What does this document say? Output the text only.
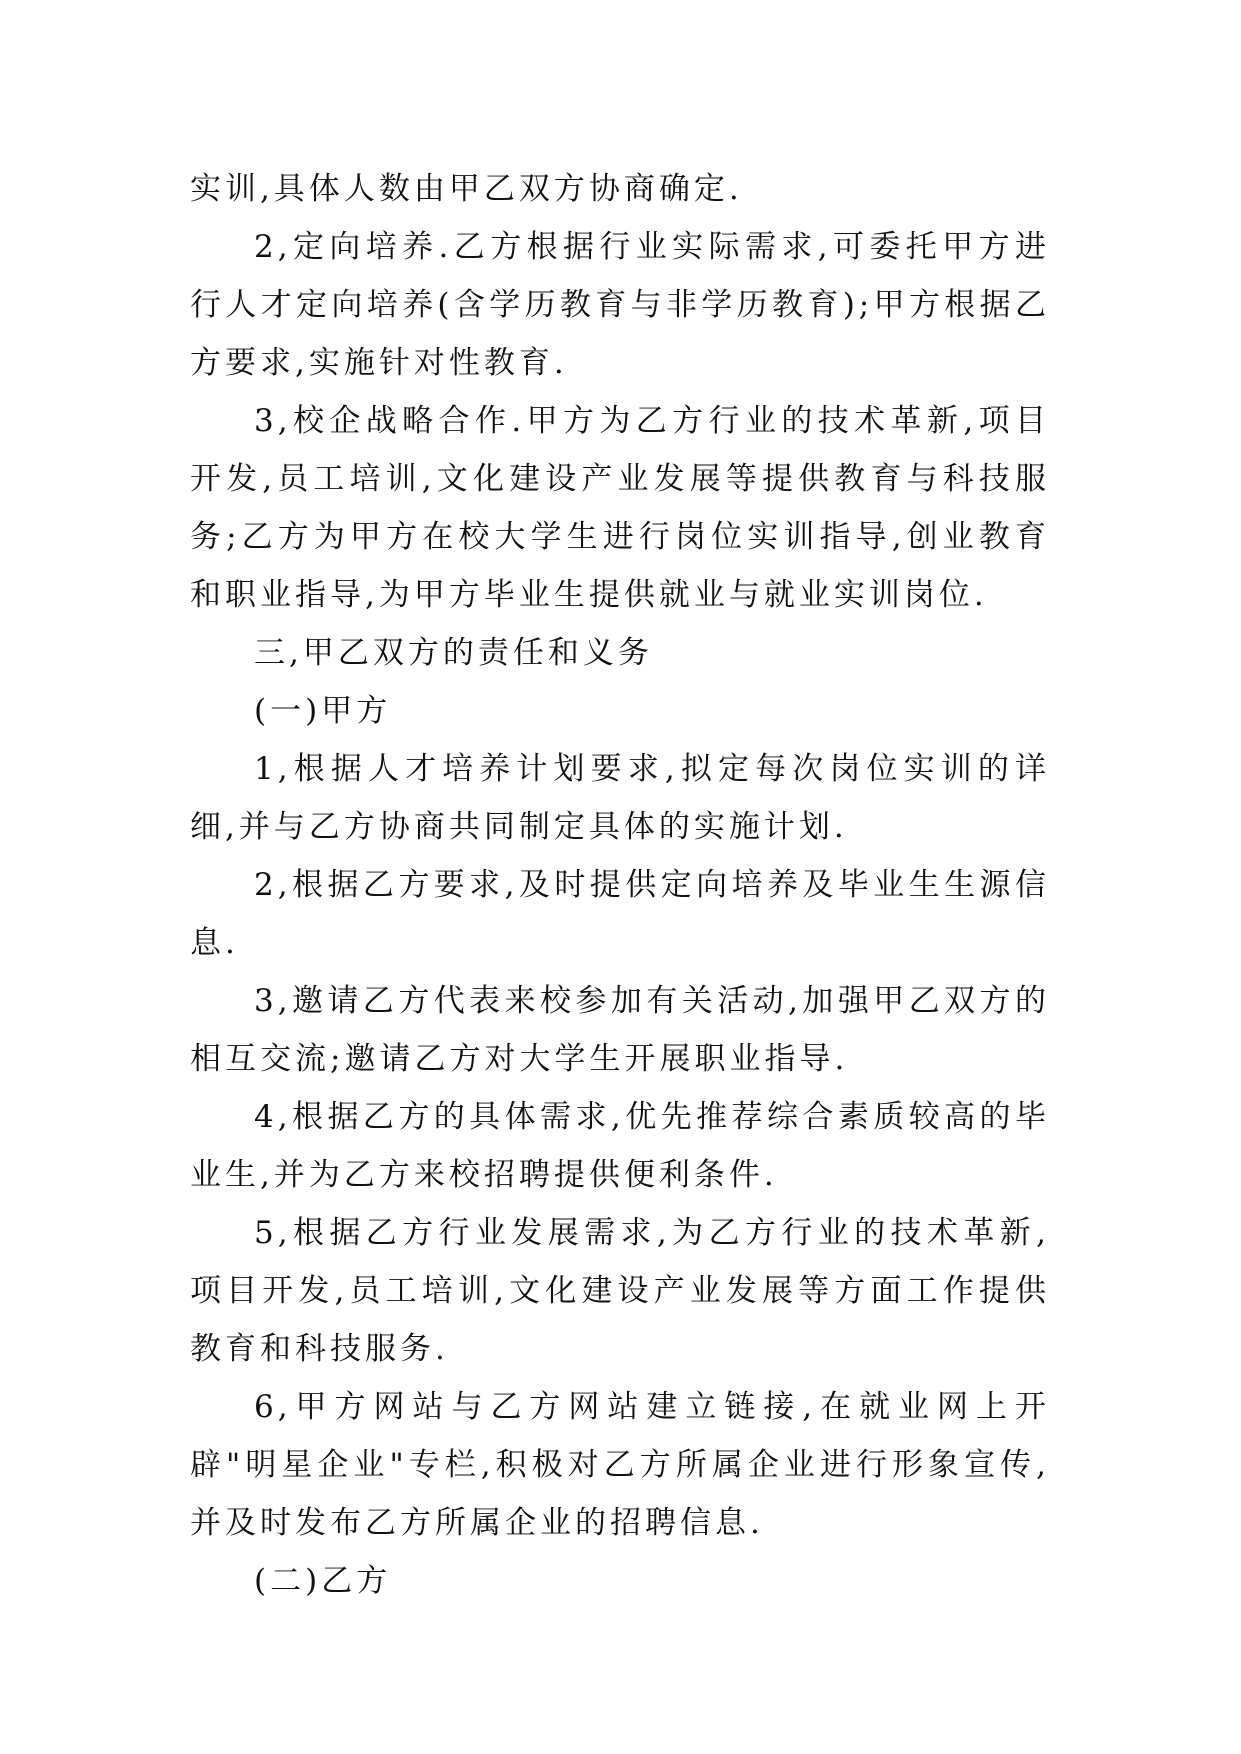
实训,具体人数由甲乙双方协商确定.

2,定向培养.乙方根据行业实际需求,可委托甲方进行人才定向培养(含学历教育与非学历教育);甲方根据乙方要求,实施针对性教育.

3,校企战略合作.甲方为乙方行业的技术革新,项目开发,员工培训,文化建设产业发展等提供教育与科技服务;乙方为甲方在校大学生进行岗位实训指导,创业教育和职业指导,为甲方毕业生提供就业与就业实训岗位.

三,甲乙双方的责任和义务

(一)甲方

1,根据人才培养计划要求,拟定每次岗位实训的详细,并与乙方协商共同制定具体的实施计划.

2,根据乙方要求,及时提供定向培养及毕业生生源信息.

3,邀请乙方代表来校参加有关活动,加强甲乙双方的相互交流;邀请乙方对大学生开展职业指导.

4,根据乙方的具体需求,优先推荐综合素质较高的毕业生,并为乙方来校招聘提供便利条件.

5,根据乙方行业发展需求,为乙方行业的技术革新,项目开发,员工培训,文化建设产业发展等方面工作提供教育和科技服务.

6,甲方网站与乙方网站建立链接,在就业网上开辟"明星企业"专栏,积极对乙方所属企业进行形象宣传,并及时发布乙方所属企业的招聘信息.

(二)乙方
